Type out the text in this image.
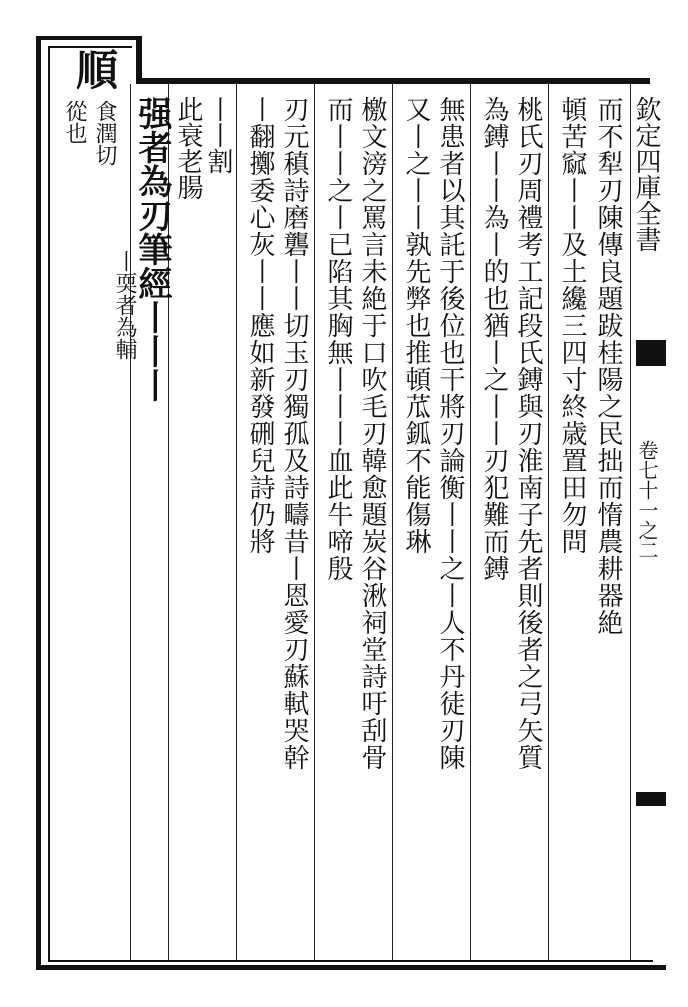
欽定四庫全書
卷七十一之二
順
食潤切
從也	而不犁刃陳傳良題跋桂陽之民拙而惰農耕器絶
頓苦窳丨丨及土纔三四寸終歳置田勿問
桃氏刃周禮考工記段氏鎛與刃淮南子先者則後者之弓矢質
為鎛丨丨為丨的也猶丨之丨丨刃犯難而鎛
無患者以其託于後位也干將刃論衡丨丨之丨人不丹徒刃陳
又丨之丨丨孰先弊也推頓苽鈲不能傷琳
檄文滂之罵言未絶于口吹毛刃韓愈題炭谷湫祠堂詩吁刮骨
而丨丨之丨已陷其胸無丨丨丨血此牛啼殷
刃元稹詩磨礱丨丨切玉刃獨孤及詩疇昔丨恩愛刃蘇軾哭幹
丨翻擲委心灰丨丨應如新發硎兒詩仍將
丨丨割
此衰老腸
强者為刃筆經丨丨丨
丨耎者為輔
